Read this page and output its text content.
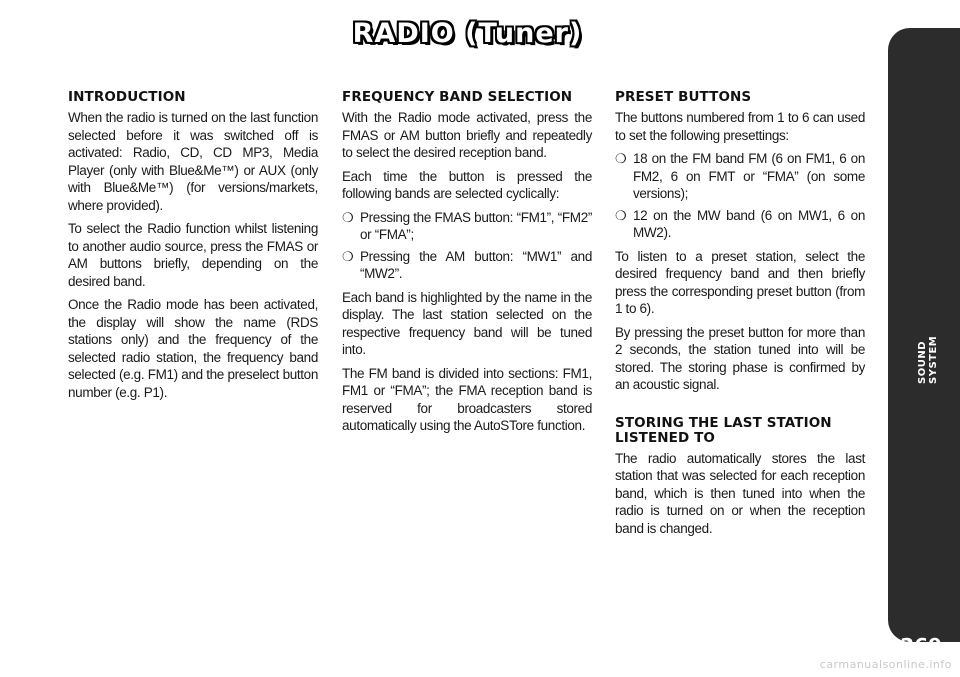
RADIO (Tuner)
INTRODUCTION

When the radio is turned on the last function selected before it was switched off is activated: Radio, CD, CD MP3, Media Player (only with Blue&Me™) or AUX (only with Blue&Me™) (for versions/markets, where provided).

To select the Radio function whilst listening to another audio source, press the FMAS or AM buttons briefly, depending on the desired band.

Once the Radio mode has been activated, the display will show the name (RDS stations only) and the frequency of the selected radio station, the frequency band selected (e.g. FM1) and the preselect button number (e.g. P1).

FREQUENCY BAND SELECTION

With the Radio mode activated, press the FMAS or AM button briefly and repeatedly to select the desired reception band.

Each time the button is pressed the following bands are selected cyclically:

❍ Pressing the FMAS button: “FM1”, “FM2” or “FMA”;
❍ Pressing the AM button: “MW1” and “MW2”.

Each band is highlighted by the name in the display. The last station selected on the respective frequency band will be tuned into.

The FM band is divided into sections: FM1, FM1 or “FMA”; the FMA reception band is reserved for broadcasters stored automatically using the AutoSTore function.

PRESET BUTTONS

The buttons numbered from 1 to 6 can used to set the following presettings:

❍ 18 on the FM band FM (6 on FM1, 6 on FM2, 6 on FMT or “FMA” (on some versions);
❍ 12 on the MW band (6 on MW1, 6 on MW2).

To listen to a preset station, select the desired frequency band and then briefly press the corresponding preset button (from 1 to 6).

By pressing the preset button for more than 2 seconds, the station tuned into will be stored. The storing phase is confirmed by an acoustic signal.

STORING THE LAST STATION LISTENED TO

The radio automatically stores the last station that was selected for each reception band, which is then tuned into when the radio is turned on or when the reception band is changed.

SOUND SYSTEM
269
carmanualsonline.info
